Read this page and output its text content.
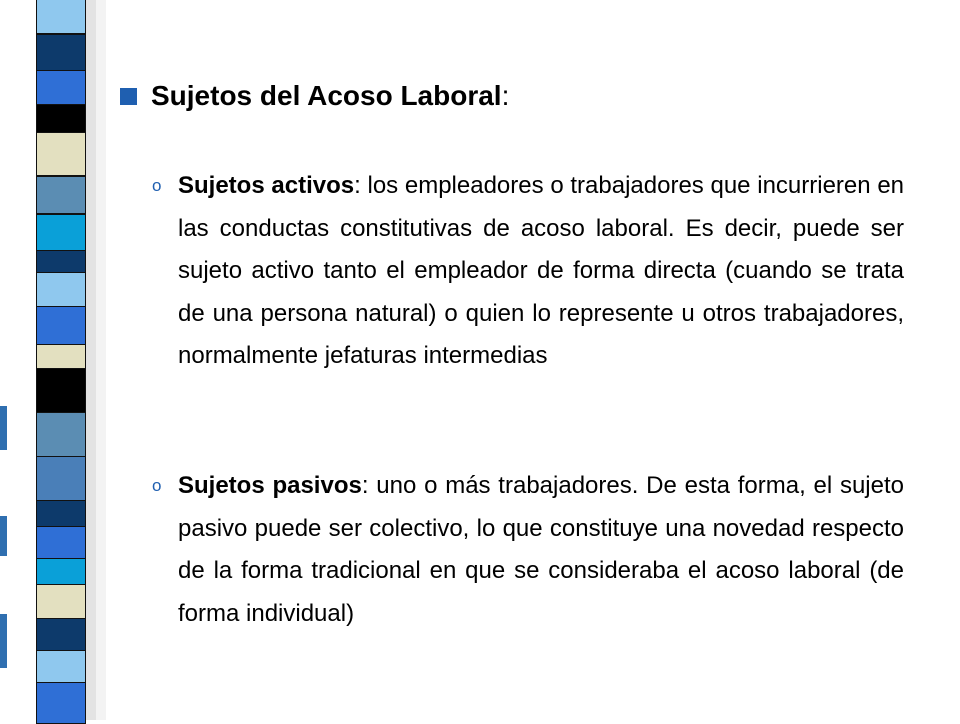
Sujetos del Acoso Laboral :
o Sujetos activos: los empleadores o trabajadores que incurrieren en las conductas constitutivas de acoso laboral. Es decir, puede ser sujeto activo tanto el empleador de forma directa (cuando se trata de una persona natural) o quien lo represente u otros trabajadores, normalmente jefaturas intermedias
o Sujetos pasivos: uno o más trabajadores. De esta forma, el sujeto pasivo puede ser colectivo, lo que constituye una novedad respecto de la forma tradicional en que se consideraba el acoso laboral (de forma individual)
